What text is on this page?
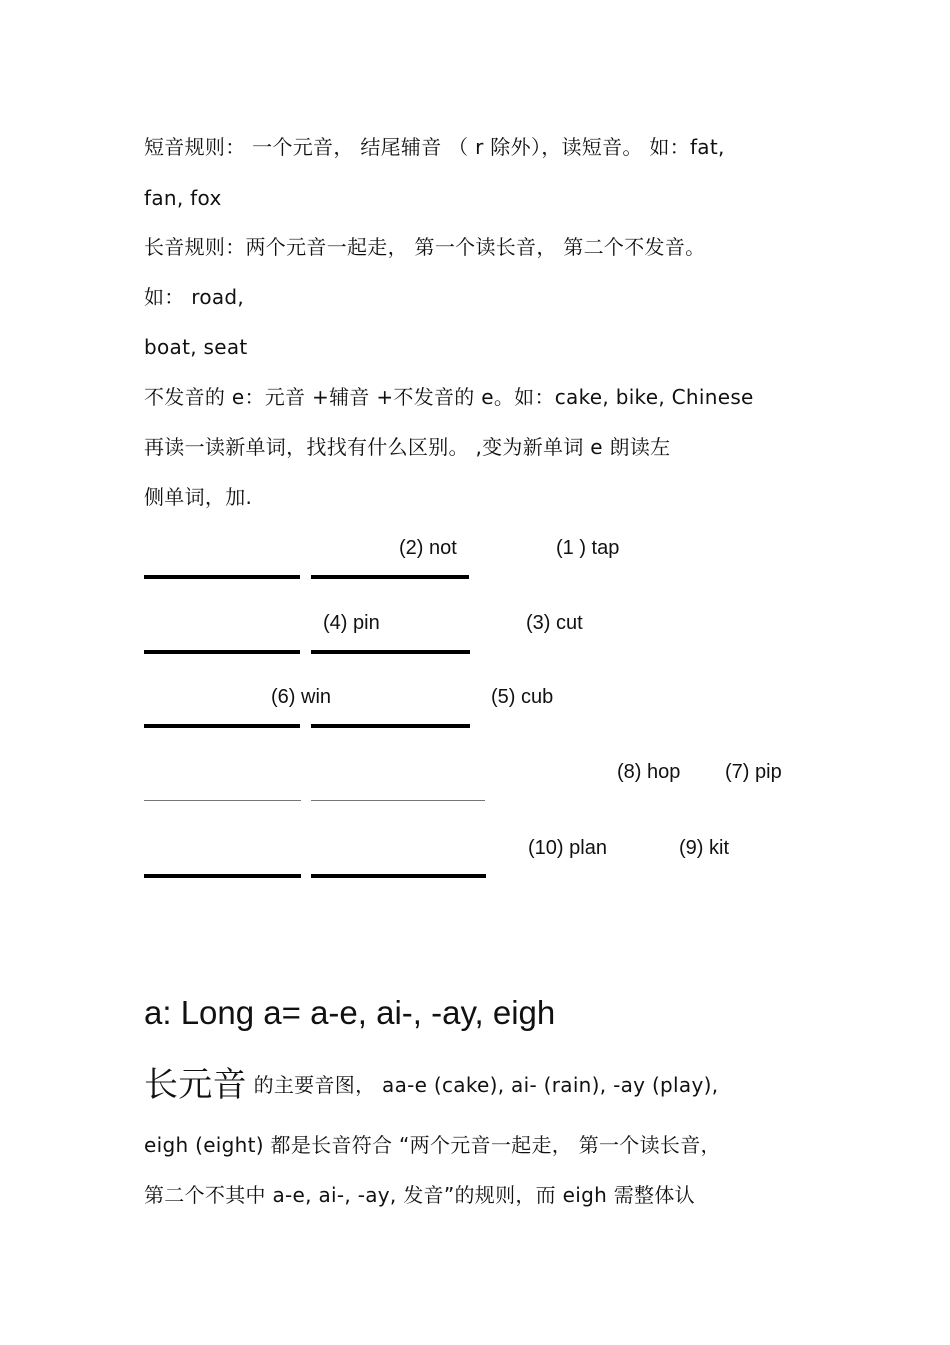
短音规则： 一个元音， 结尾辅音 （ r 除外），读短音。 如：fat,
fan, fox
长音规则：两个元音一起走， 第一个读长音， 第二个不发音。
如： road,
boat, seat
不发音的 e：元音 +辅音 +不发音的 e。如：cake, bike, Chinese
再读一读新单词，找找有什么区别。 ,变为新单词 e 朗读左
侧单词，加.
(2) not	(1 ) tap
(4) pin	(3) cut
(6) win	(5) cub
(8) hop (7) pip
(10) plan	(9) kit
a: Long a= a-e, ai-, -ay, eigh
长元音 的主要音图， aa-e (cake), ai- (rain), -ay (play),
eigh (eight) 都是长音符合 “两个元音一起走， 第一个读长音，
第二个不其中 a-e, ai-, -ay, 发音”的规则，而 eigh 需整体认
